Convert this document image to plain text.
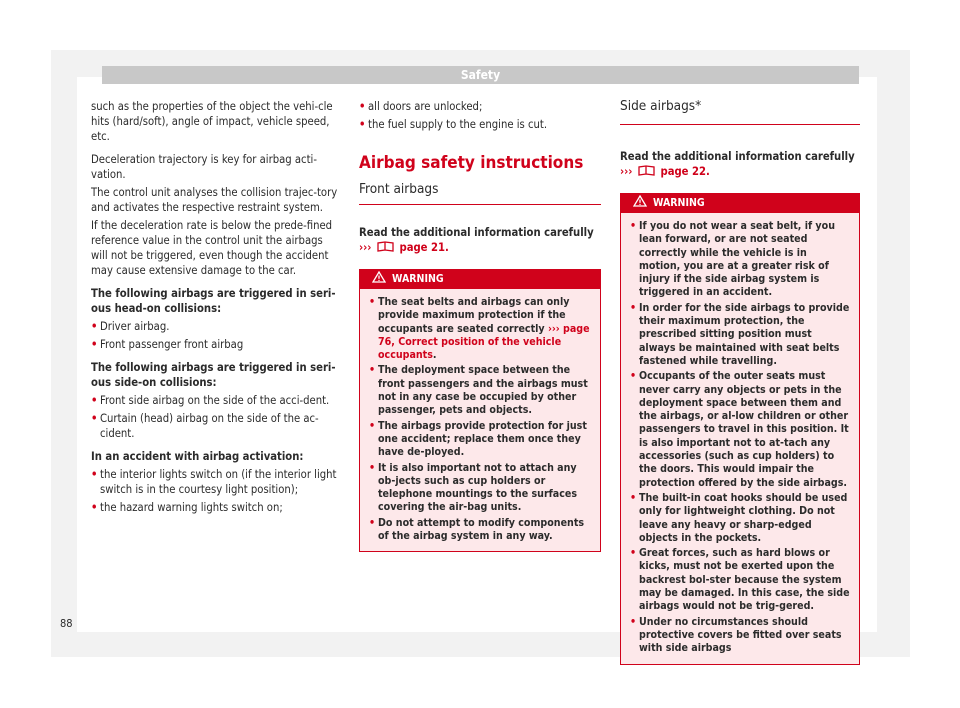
Safety

such as the properties of the object the vehi-cle hits (hard/soft), angle of impact, vehicle speed, etc.

Deceleration trajectory is key for airbag acti-vation.

The control unit analyses the collision trajec-tory and activates the respective restraint system.

If the deceleration rate is below the prede-fined reference value in the control unit the airbags will not be triggered, even though the accident may cause extensive damage to the car.

The following airbags are triggered in seri-ous head-on collisions:

• Driver airbag.
• Front passenger front airbag

The following airbags are triggered in seri-ous side-on collisions:

• Front side airbag on the side of the acci-dent.
• Curtain (head) airbag on the side of the ac-cident.

In an accident with airbag activation:

• the interior lights switch on (if the interior light switch is in the courtesy light position);
• the hazard warning lights switch on;
• all doors are unlocked;
• the fuel supply to the engine is cut.
Airbag safety instructions
Front airbags
Read the additional information carefully
›››	page 21.
WARNING
• The seat belts and airbags can only provide maximum protection if the occupants are seated correctly ››› page 76, Correct position of the vehicle occupants.
• The deployment space between the front passengers and the airbags must not in any case be occupied by other passenger, pets and objects.
• The airbags provide protection for just one accident; replace them once they have de-ployed.
• It is also important not to attach any ob-jects such as cup holders or telephone mountings to the surfaces covering the air-bag units.
• Do not attempt to modify components of the airbag system in any way.
Side airbags*
Read the additional information carefully
›››	page 22.
WARNING
• If you do not wear a seat belt, if you lean forward, or are not seated correctly while the vehicle is in motion, you are at a greater risk of injury if the side airbag system is triggered in an accident.
• In order for the side airbags to provide their maximum protection, the prescribed sitting position must always be maintained with seat belts fastened while travelling.
• Occupants of the outer seats must never carry any objects or pets in the deployment space between them and the airbags, or al-low children or other passengers to travel in this position. It is also important not to at-tach any accessories (such as cup holders) to the doors. This would impair the protection offered by the side airbags.
• The built-in coat hooks should be used only for lightweight clothing. Do not leave any heavy or sharp-edged objects in the pockets.
• Great forces, such as hard blows or kicks, must not be exerted upon the backrest bol-ster because the system may be damaged. In this case, the side airbags would not be trig-gered.
• Under no circumstances should protective covers be fitted over seats with side airbags
88
